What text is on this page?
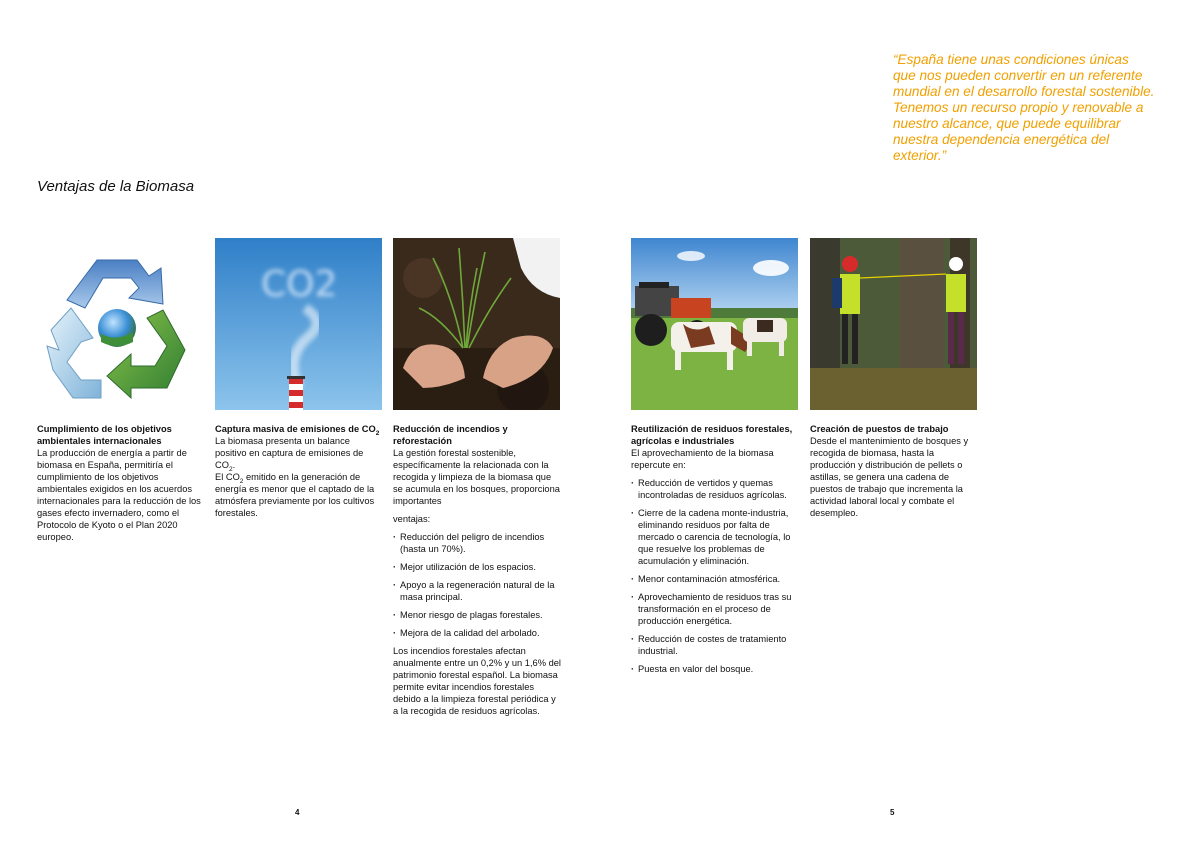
“España tiene unas condiciones únicas que nos pueden convertir en un referente mundial en el desarrollo forestal sostenible. Tenemos un recurso propio y renovable a nuestro alcance, que puede equilibrar nuestra dependencia energética del exterior.”
Ventajas de la Biomasa
Cumplimiento de los objetivos ambientales internacionales
La producción de energía a partir de biomasa en España, permitiría el cumplimiento de los objetivos ambientales exigidos en los acuerdos internacionales para la reducción de los gases efecto invernadero, como el Protocolo de Kyoto o el Plan 2020 europeo.
CO2
Captura masiva de emisiones de $CO_2$

La biomasa presenta un balance positivo en captura de emisiones de $CO_2$.

El $CO_2$ emitido en la generación de energía es menor que el captado de la atmósfera previamente por los cultivos forestales.

Reducción de incendios y reforestación

La gestión forestal sostenible, específicamente la relacionada con la recogida y limpieza de la biomasa que se acumula en los bosques, proporciona importantes

ventajas:

· Reducción del peligro de incendios (hasta un 70%).
· Mejor utilización de los espacios.
· Apoyo a la regeneración natural de la masa principal.
· Menor riesgo de plagas forestales.
· Mejora de la calidad del arbolado.

Los incendios forestales afectan anualmente entre un 0,2% y un 1,6% del patrimonio forestal español. La biomasa permite evitar incendios forestales debido a la limpieza forestal periódica y a la recogida de residuos agrícolas.

Reutilización de residuos forestales, agrícolas e industriales

El aprovechamiento de la biomasa repercute en:

· Reducción de vertidos y quemas incontroladas de residuos agrícolas.
· Cierre de la cadena monte-industria, eliminando residuos por falta de mercado o carencia de tecnología, lo que resuelve los problemas de acumulación y eliminación.
· Menor contaminación atmosférica.
· Aprovechamiento de residuos tras su transformación en el proceso de producción energética.
· Reducción de costes de tratamiento industrial.
· Puesta en valor del bosque.
Creación de puestos de trabajo
Desde el mantenimiento de bosques y recogida de biomasa, hasta la producción y distribución de pellets o astillas, se genera una cadena de puestos de trabajo que incrementa la actividad laboral local y combate el desempleo.
4	5
